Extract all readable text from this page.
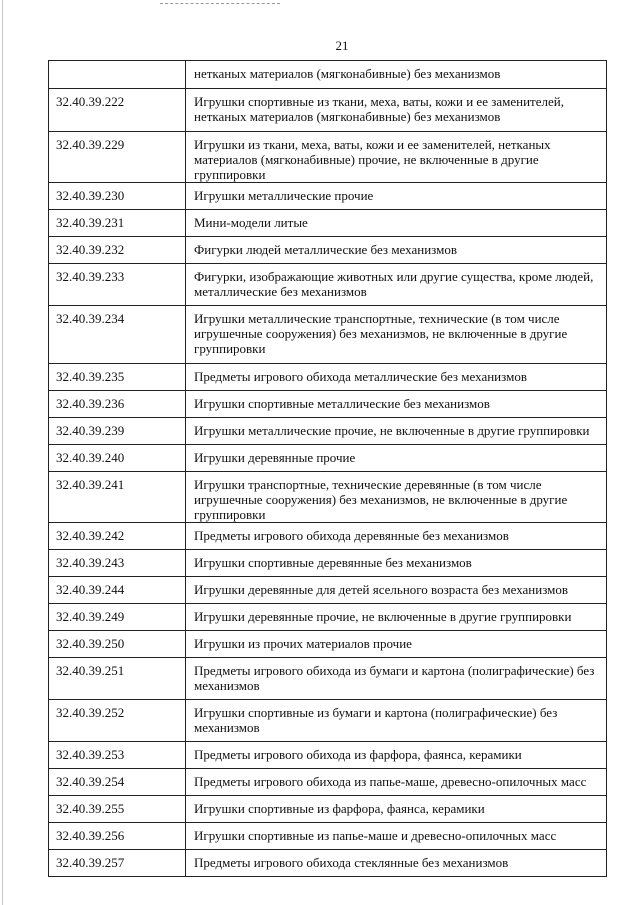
21
	нетканых материалов (мягконабивные) без механизмов
32.40.39.222	Игрушки спортивные из ткани, меха, ваты, кожи и ее заменителей, нетканых материалов (мягконабивные) без механизмов
32.40.39.229	Игрушки из ткани, меха, ваты, кожи и ее заменителей, нетканых материалов (мягконабивные) прочие, не включенные в другие группировки
32.40.39.230	Игрушки металлические прочие
32.40.39.231	Мини-модели литые
32.40.39.232	Фигурки людей металлические без механизмов
32.40.39.233	Фигурки, изображающие животных или другие существа, кроме людей, металлические без механизмов
32.40.39.234	Игрушки металлические транспортные, технические (в том числе игрушечные сооружения) без механизмов, не включенные в другие группировки
32.40.39.235	Предметы игрового обихода металлические без механизмов
32.40.39.236	Игрушки спортивные металлические без механизмов
32.40.39.239	Игрушки металлические прочие, не включенные в другие группировки
32.40.39.240	Игрушки деревянные прочие
32.40.39.241	Игрушки транспортные, технические деревянные (в том числе игрушечные сооружения) без механизмов, не включенные в другие группировки
32.40.39.242	Предметы игрового обихода деревянные без механизмов
32.40.39.243	Игрушки спортивные деревянные без механизмов
32.40.39.244	Игрушки деревянные для детей ясельного возраста без механизмов
32.40.39.249	Игрушки деревянные прочие, не включенные в другие группировки
32.40.39.250	Игрушки из прочих материалов прочие
32.40.39.251	Предметы игрового обихода из бумаги и картона (полиграфические) без механизмов
32.40.39.252	Игрушки спортивные из бумаги и картона (полиграфические) без механизмов
32.40.39.253	Предметы игрового обихода из фарфора, фаянса, керамики
32.40.39.254	Предметы игрового обихода из папье-маше, древесно-опилочных масс
32.40.39.255	Игрушки спортивные из фарфора, фаянса, керамики
32.40.39.256	Игрушки спортивные из папье-маше и древесно-опилочных масс
32.40.39.257	Предметы игрового обихода стеклянные без механизмов
